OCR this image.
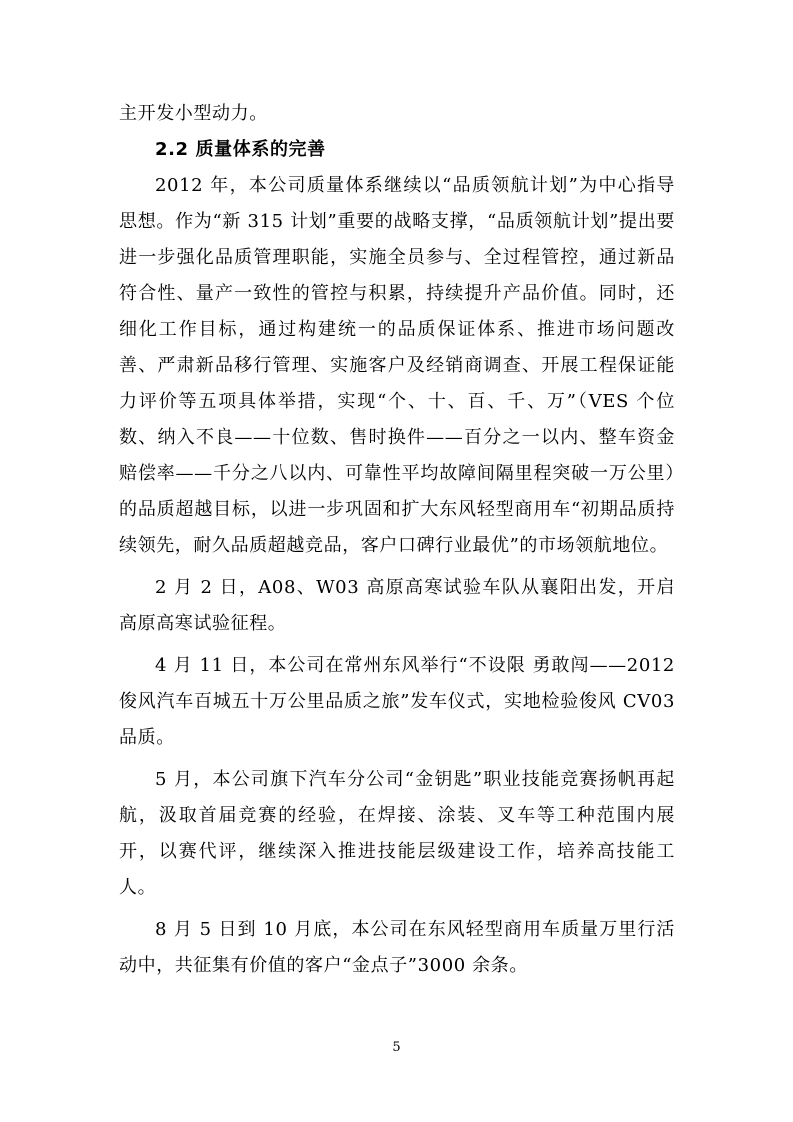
主开发小型动力。

2.2 质量体系的完善

2012 年，本公司质量体系继续以“品质领航计划”为中心指导思想。作为“新 315 计划”重要的战略支撑，“品质领航计划”提出要进一步强化品质管理职能，实施全员参与、全过程管控，通过新品符合性、量产一致性的管控与积累，持续提升产品价值。同时，还细化工作目标，通过构建统一的品质保证体系、推进市场问题改善、严肃新品移行管理、实施客户及经销商调查、开展工程保证能力评价等五项具体举措，实现“个、十、百、千、万”（VES 个位数、纳入不良——十位数、售时换件——百分之一以内、整车资金赔偿率——千分之八以内、可靠性平均故障间隔里程突破一万公里）的品质超越目标，以进一步巩固和扩大东风轻型商用车“初期品质持续领先，耐久品质超越竞品，客户口碑行业最优”的市场领航地位。

2 月 2 日，A08、W03 高原高寒试验车队从襄阳出发，开启高原高寒试验征程。

4 月 11 日，本公司在常州东风举行“不设限 勇敢闯——2012 俊风汽车百城五十万公里品质之旅”发车仪式，实地检验俊风 CV03 品质。

5 月，本公司旗下汽车分公司“金钥匙”职业技能竞赛扬帆再起航，汲取首届竞赛的经验，在焊接、涂装、叉车等工种范围内展开，以赛代评，继续深入推进技能层级建设工作，培养高技能工人。

8 月 5 日到 10 月底，本公司在东风轻型商用车质量万里行活动中，共征集有价值的客户“金点子”3000 余条。

5
